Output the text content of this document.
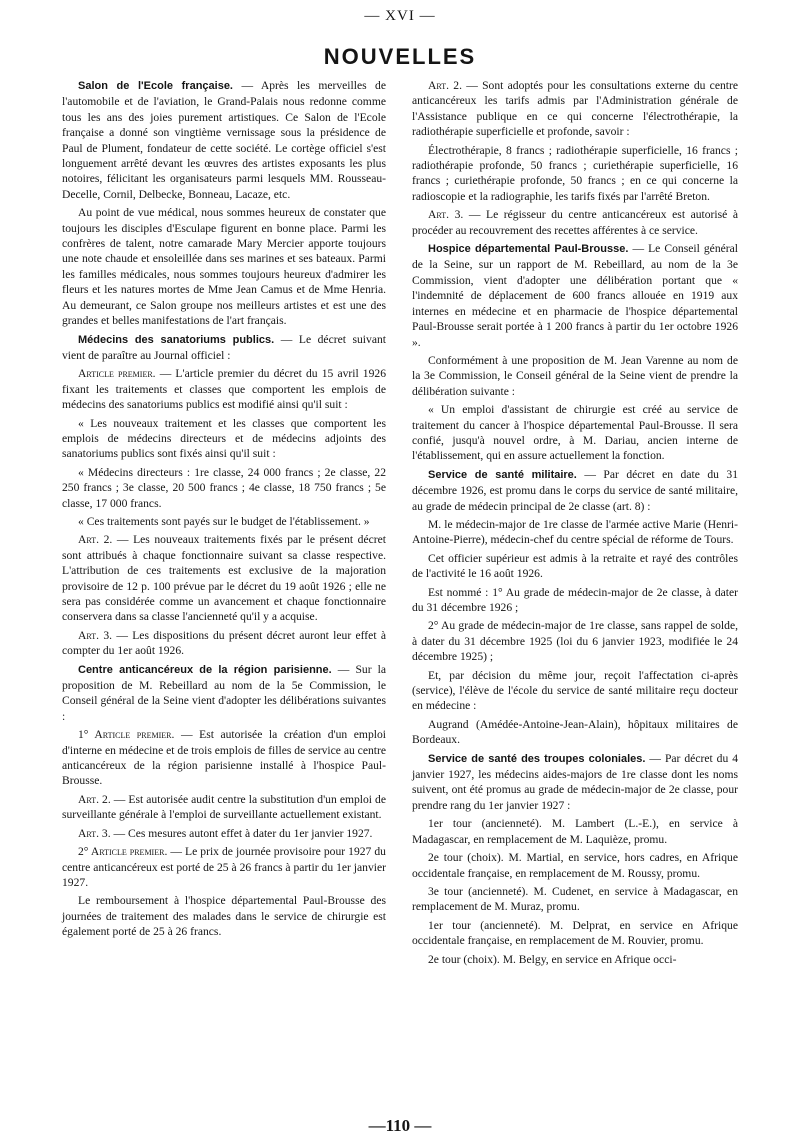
— XVI —
NOUVELLES

Salon de l'Ecole française. — Après les merveilles de l'automobile et de l'aviation, le Grand-Palais nous redonne comme tous les ans des joies purement artistiques. Ce Salon de l'Ecole française a donné son vingtième vernissage sous la présidence de Paul de Plument, fondateur de cette société. Le cortège officiel s'est longuement arrêté devant les œuvres des artistes exposants les plus notoires, félicitant les organisateurs parmi lesquels MM. Rousseau-Decelle, Cornil, Delbecke, Bonneau, Lacaze, etc.

Au point de vue médical, nous sommes heureux de constater que toujours les disciples d'Esculape figurent en bonne place. Parmi les confrères de talent, notre camarade Mary Mercier apporte toujours une note chaude et ensoleillée dans ses marines et ses bateaux. Parmi les familles médicales, nous sommes toujours heureux d'admirer les fleurs et les natures mortes de Mme Jean Camus et de Mme Henria. Au demeurant, ce Salon groupe nos meilleurs artistes et est une des grandes et belles manifestations de l'art français.

Médecins des sanatoriums publics. — Le décret suivant vient de paraître au Journal officiel :

Article premier. — L'article premier du décret du 15 avril 1926 fixant les traitements et classes que comportent les emplois de médecins des sanatoriums publics est modifié ainsi qu'il suit :

« Les nouveaux traitement et les classes que comportent les emplois de médecins directeurs et de médecins adjoints des sanatoriums publics sont fixés ainsi qu'il suit :

« Médecins directeurs : 1re classe, 24 000 francs ; 2e classe, 22 250 francs ; 3e classe, 20 500 francs ; 4e classe, 18 750 francs ; 5e classe, 17 000 francs.

« Ces traitements sont payés sur le budget de l'établissement. »

Art. 2. — Les nouveaux traitements fixés par le présent décret sont attribués à chaque fonctionnaire suivant sa classe respective. L'attribution de ces traitements est exclusive de la majoration provisoire de 12 p. 100 prévue par le décret du 19 août 1926 ; elle ne sera pas considérée comme un avancement et chaque fonctionnaire conservera dans sa classe l'ancienneté qu'il y a acquise.

Art. 3. — Les dispositions du présent décret auront leur effet à compter du 1er août 1926.

Centre anticancéreux de la région parisienne. — Sur la proposition de M. Rebeillard au nom de la 5e Commission, le Conseil général de la Seine vient d'adopter les délibérations suivantes :

1° Article premier. — Est autorisée la création d'un emploi d'interne en médecine et de trois emplois de filles de service au centre anticancéreux de la région parisienne installé à l'hospice Paul-Brousse.

Art. 2. — Est autorisée audit centre la substitution d'un emploi de surveillante générale à l'emploi de surveillante actuellement existant.

Art. 3. — Ces mesures autont effet à dater du 1er janvier 1927.

2° Article premier. — Le prix de journée provisoire pour 1927 du centre anticancéreux est porté de 25 à 26 francs à partir du 1er janvier 1927.

Le remboursement à l'hospice départemental Paul-Brousse des journées de traitement des malades dans le service de chirurgie est également porté de 25 à 26 francs.

Art. 2. — Sont adoptés pour les consultations externe du centre anticancéreux les tarifs admis par l'Administration générale de l'Assistance publique en ce qui concerne l'électrothérapie, la radiothérapie superficielle et profonde, savoir :

Électrothérapie, 8 francs ; radiothérapie superficielle, 16 francs ; radiothérapie profonde, 50 francs ; curiethérapie superficielle, 16 francs ; curiethérapie profonde, 50 francs ; en ce qui concerne la radioscopie et la radiographie, les tarifs fixés par l'arrêté Breton.

Art. 3. — Le régisseur du centre anticancéreux est autorisé à procéder au recouvrement des recettes afférentes à ce service.

Hospice départemental Paul-Brousse. — Le Conseil général de la Seine, sur un rapport de M. Rebeillard, au nom de la 3e Commission, vient d'adopter une délibération portant que « l'indemnité de déplacement de 600 francs allouée en 1919 aux internes en médecine et en pharmacie de l'hospice départemental Paul-Brousse serait portée à 1 200 francs à partir du 1er octobre 1926 ».

Conformément à une proposition de M. Jean Varenne au nom de la 3e Commission, le Conseil général de la Seine vient de prendre la délibération suivante :

« Un emploi d'assistant de chirurgie est créé au service de traitement du cancer à l'hospice départemental Paul-Brousse. Il sera confié, jusqu'à nouvel ordre, à M. Dariau, ancien interne de l'établissement, qui en assure actuellement la fonction.

Service de santé militaire. — Par décret en date du 31 décembre 1926, est promu dans le corps du service de santé militaire, au grade de médecin principal de 2e classe (art. 8) :

M. le médecin-major de 1re classe de l'armée active Marie (Henri-Antoine-Pierre), médecin-chef du centre spécial de réforme de Tours.

Cet officier supérieur est admis à la retraite et rayé des contrôles de l'activité le 16 août 1926.

Est nommé : 1° Au grade de médecin-major de 2e classe, à dater du 31 décembre 1926 ;

2° Au grade de médecin-major de 1re classe, sans rappel de solde, à dater du 31 décembre 1925 (loi du 6 janvier 1923, modifiée le 24 décembre 1925) ;

Et, par décision du même jour, reçoit l'affectation ci-après (service), l'élève de l'école du service de santé militaire reçu docteur en médecine :

Augrand (Amédée-Antoine-Jean-Alain), hôpitaux militaires de Bordeaux.

Service de santé des troupes coloniales. — Par décret du 4 janvier 1927, les médecins aides-majors de 1re classe dont les noms suivent, ont été promus au grade de médecin-major de 2e classe, pour prendre rang du 1er janvier 1927 :

1er tour (ancienneté). M. Lambert (L.-E.), en service à Madagascar, en remplacement de M. Laquièze, promu.

2e tour (choix). M. Martial, en service, hors cadres, en Afrique occidentale française, en remplacement de M. Roussy, promu.

3e tour (ancienneté). M. Cudenet, en service à Madagascar, en remplacement de M. Muraz, promu.

1er tour (ancienneté). M. Delprat, en service en Afrique occidentale française, en remplacement de M. Rouvier, promu.

2e tour (choix). M. Belgy, en service en Afrique occi-

—110 —
